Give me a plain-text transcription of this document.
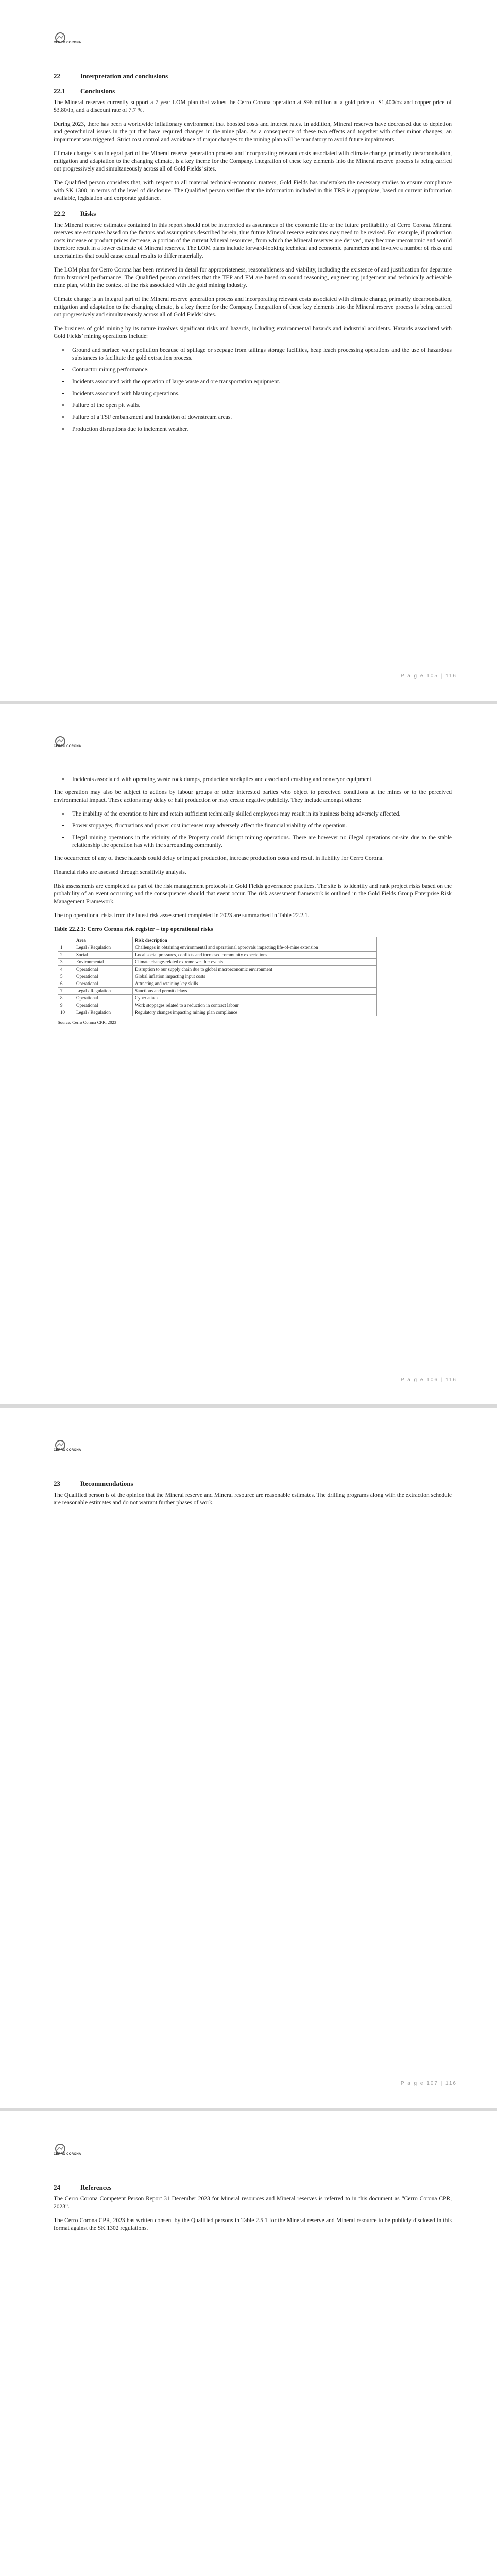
CERRO CORONA
22	Interpretation and conclusions
22.1	Conclusions

The Mineral reserves currently support a 7 year LOM plan that values the Cerro Corona operation at $96 million at a gold price of $1,400/oz and copper price of $3.80/lb, and a discount rate of 7.7 %.

During 2023, there has been a worldwide inflationary environment that boosted costs and interest rates. In addition, Mineral reserves have decreased due to depletion and geotechnical issues in the pit that have required changes in the mine plan. As a consequence of these two effects and together with other minor changes, an impairment was triggered. Strict cost control and avoidance of major changes to the mining plan will be mandatory to avoid future impairments.

Climate change is an integral part of the Mineral reserve generation process and incorporating relevant costs associated with climate change, primarily decarbonisation, mitigation and adaptation to the changing climate, is a key theme for the Company. Integration of these key elements into the Mineral reserve process is being carried out progressively and simultaneously across all of Gold Fields’ sites.

The Qualified person considers that, with respect to all material technical-economic matters, Gold Fields has undertaken the necessary studies to ensure compliance with SK 1300, in terms of the level of disclosure. The Qualified person verifies that the information included in this TRS is appropriate, based on current information available, legislation and corporate guidance.

22.2	Risks

The Mineral reserve estimates contained in this report should not be interpreted as assurances of the economic life or the future profitability of Cerro Corona. Mineral reserves are estimates based on the factors and assumptions described herein, thus future Mineral reserve estimates may need to be revised. For example, if production costs increase or product prices decrease, a portion of the current Mineral resources, from which the Mineral reserves are derived, may become uneconomic and would therefore result in a lower estimate of Mineral reserves. The LOM plans include forward-looking technical and economic parameters and involve a number of risks and uncertainties that could cause actual results to differ materially.

The LOM plan for Cerro Corona has been reviewed in detail for appropriateness, reasonableness and viability, including the existence of and justification for departure from historical performance. The Qualified person considers that the TEP and FM are based on sound reasoning, engineering judgement and technically achievable mine plan, within the context of the risk associated with the gold mining industry.

Climate change is an integral part of the Mineral reserve generation process and incorporating relevant costs associated with climate change, primarily decarbonisation, mitigation and adaptation to the changing climate, is a key theme for the Company. Integration of these key elements into the Mineral reserve process is being carried out progressively and simultaneously across all of Gold Fields’ sites.

The business of gold mining by its nature involves significant risks and hazards, including environmental hazards and industrial accidents. Hazards associated with Gold Fields’ mining operations include:

• Ground and surface water pollution because of spillage or seepage from tailings storage facilities, heap leach processing operations and the use of hazardous substances to facilitate the gold extraction process.
• Contractor mining performance.
• Incidents associated with the operation of large waste and ore transportation equipment.
• Incidents associated with blasting operations.
• Failure of the open pit walls.
• Failure of a TSF embankment and inundation of downstream areas.
• Production disruptions due to inclement weather.
P a g e 105 | 116
CERRO CORONA
• Incidents associated with operating waste rock dumps, production stockpiles and associated crushing and conveyor equipment.

The operation may also be subject to actions by labour groups or other interested parties who object to perceived conditions at the mines or to the perceived environmental impact. These actions may delay or halt production or may create negative publicity. They include amongst others:

• The inability of the operation to hire and retain sufficient technically skilled employees may result in its business being adversely affected.
• Power stoppages, fluctuations and power cost increases may adversely affect the financial viability of the operation.
• Illegal mining operations in the vicinity of the Property could disrupt mining operations. There are however no illegal operations on-site due to the stable relationship the operation has with the surrounding community.

The occurrence of any of these hazards could delay or impact production, increase production costs and result in liability for Cerro Corona.

Financial risks are assessed through sensitivity analysis.

Risk assessments are completed as part of the risk management protocols in Gold Fields governance practices. The site is to identify and rank project risks based on the probability of an event occurring and the consequences should that event occur. The risk assessment framework is outlined in the Gold Fields Group Enterprise Risk Management Framework.

The top operational risks from the latest risk assessment completed in 2023 are summarised in Table 22.2.1.

Table 22.2.1: Cerro Corona risk register – top operational risks
	Area	Risk description
1	Legal / Regulation	Challenges in obtaining environmental and operational approvals impacting life-of-mine extension
2	Social	Local social pressures, conflicts and increased community expectations
3	Environmental	Climate change-related extreme weather events
4	Operational	Disruption to our supply chain due to global macroeconomic environment
5	Operational	Global inflation impacting input costs
6	Operational	Attracting and retaining key skills
7	Legal / Regulation	Sanctions and permit delays
8	Operational	Cyber attack
9	Operational	Work stoppages related to a reduction in contract labour
10	Legal / Regulation	Regulatory changes impacting mining plan compliance
Source: Cerro Corona CPR, 2023
P a g e 106 | 116
CERRO CORONA
23	Recommendations

The Qualified person is of the opinion that the Mineral reserve and Mineral resource are reasonable estimates. The drilling programs along with the extraction schedule are reasonable estimates and do not warrant further phases of work.

P a g e 107 | 116
CERRO CORONA
24	References

The Cerro Corona Competent Person Report 31 December 2023 for Mineral resources and Mineral reserves is referred to in this document as “Cerro Corona CPR, 2023”.

The Cerro Corona CPR, 2023 has written consent by the Qualified persons in Table 2.5.1 for the Mineral reserve and Mineral resource to be publicly disclosed in this format against the SK 1302 regulations.
